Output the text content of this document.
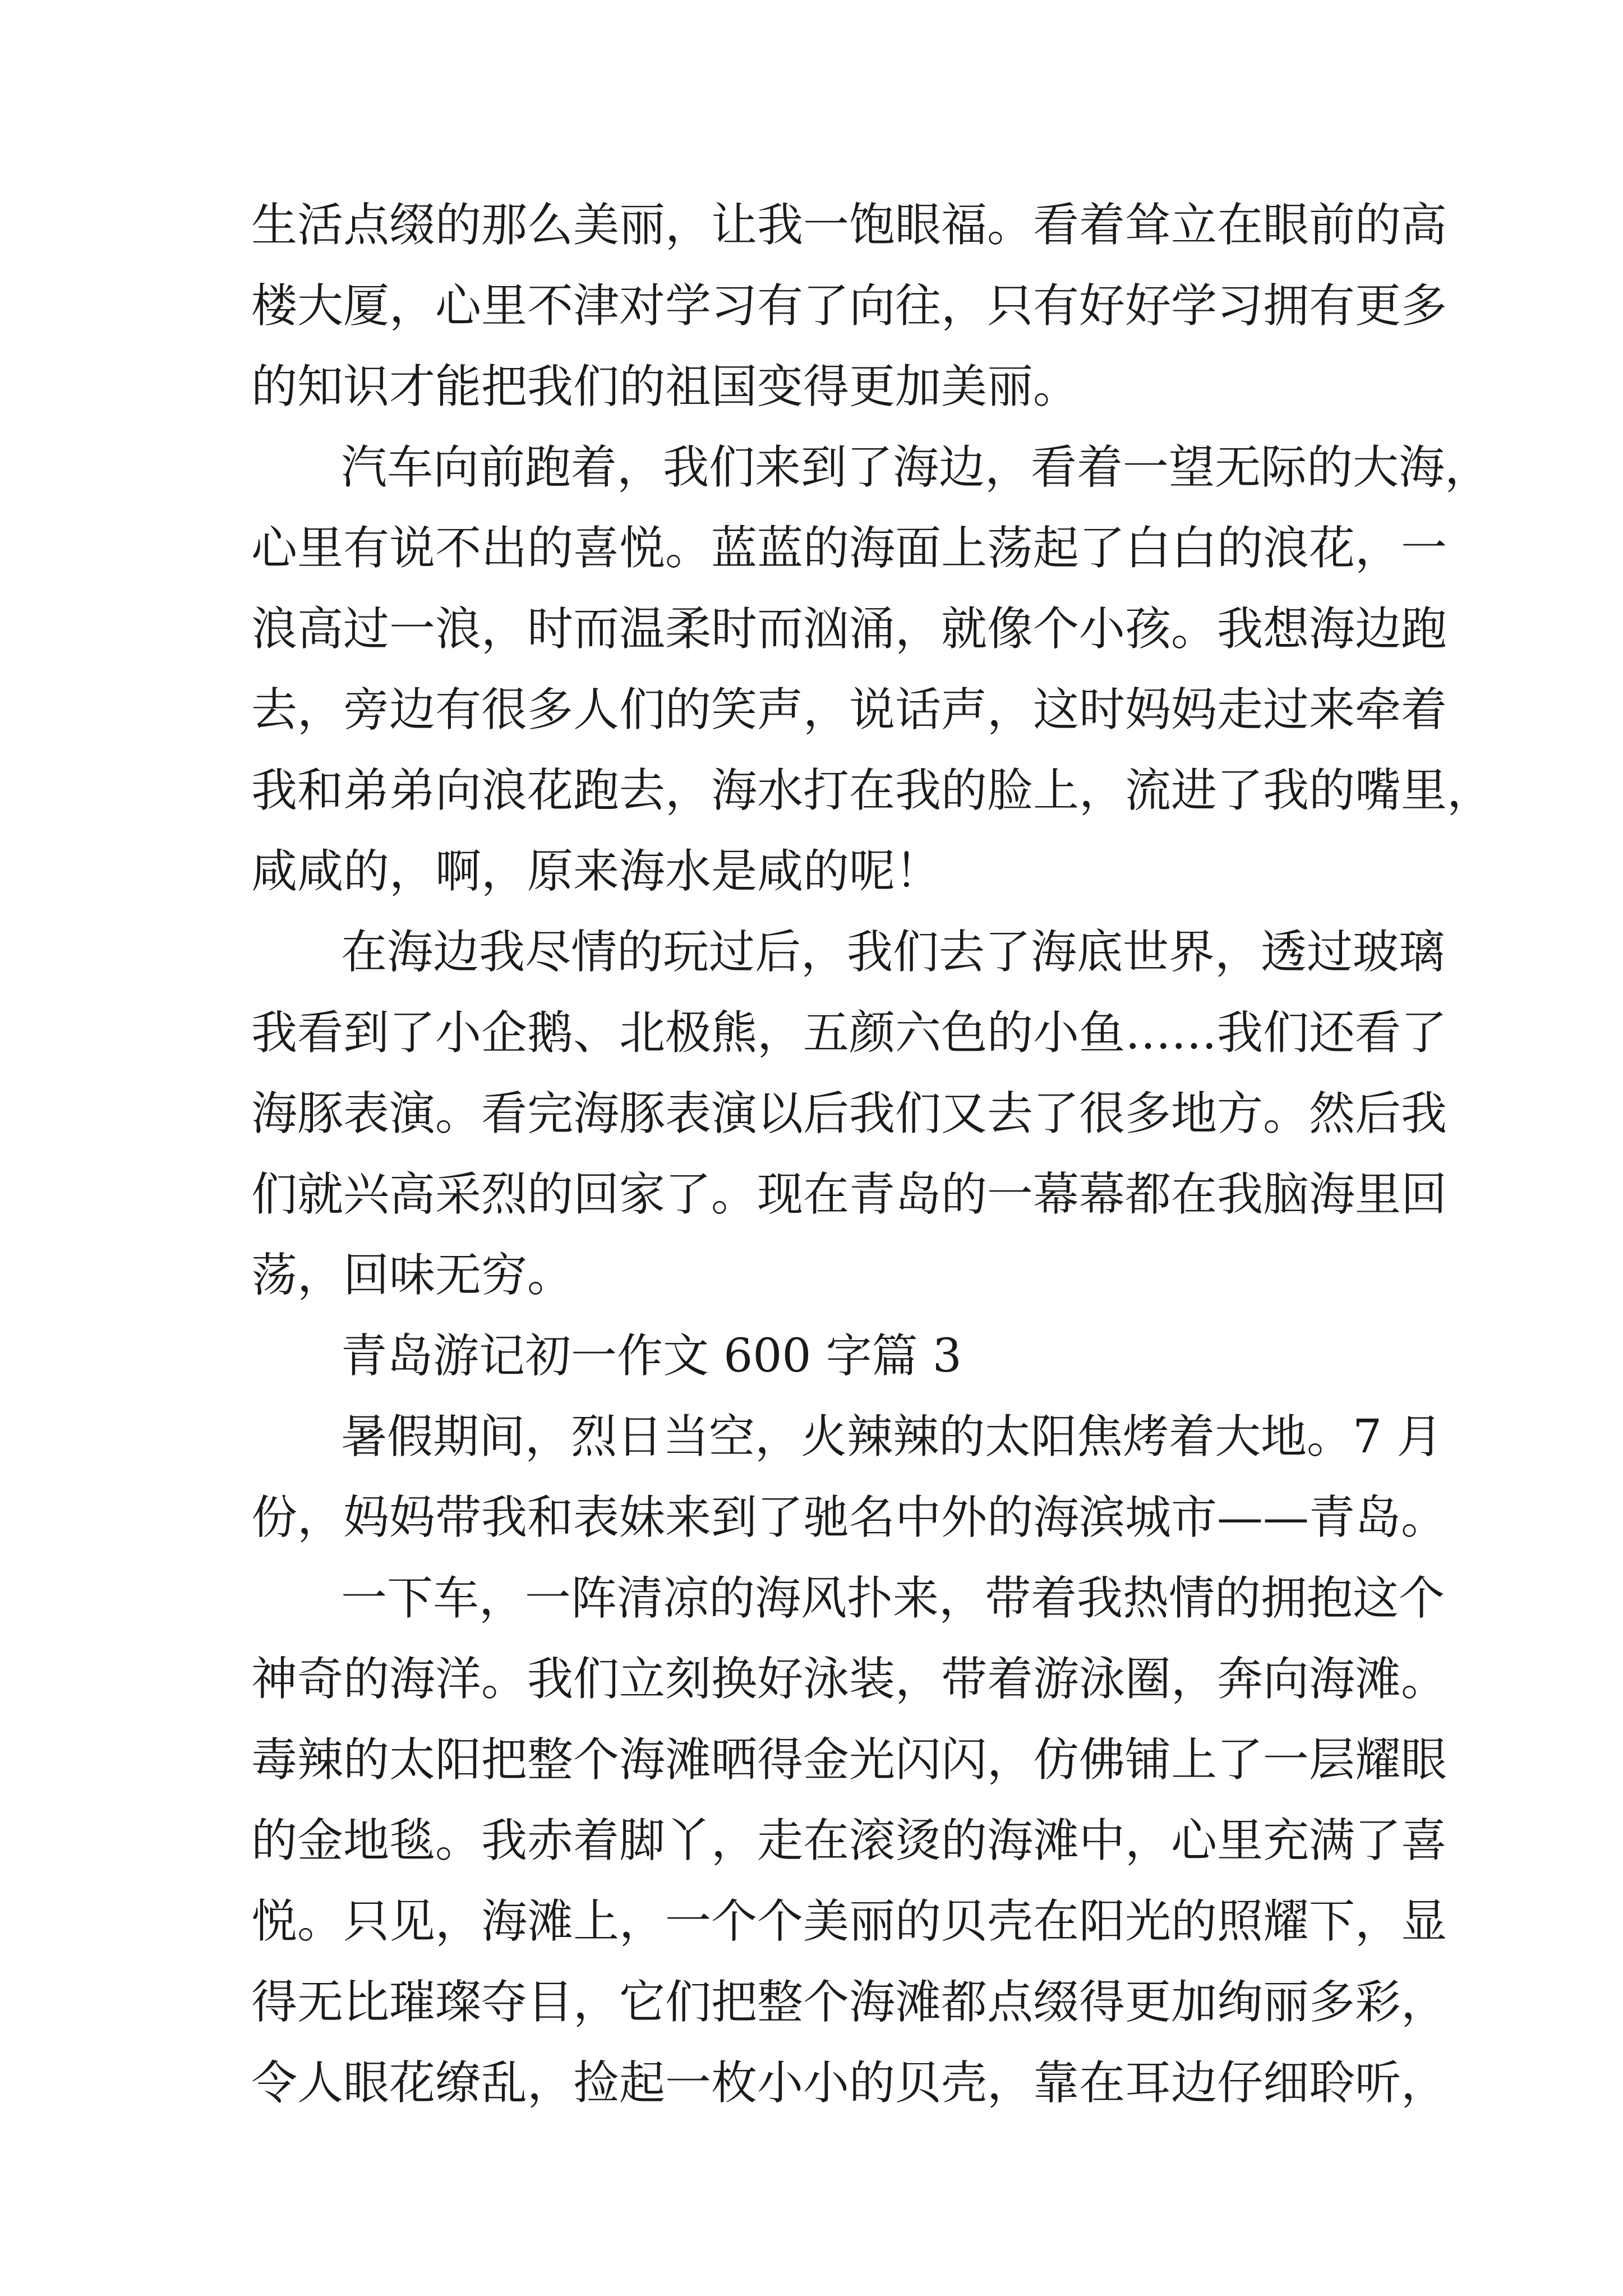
生活点缀的那么美丽，让我一饱眼福。看着耸立在眼前的高

楼大厦，心里不津对学习有了向往，只有好好学习拥有更多

的知识才能把我们的祖国变得更加美丽。

汽车向前跑着，我们来到了海边，看着一望无际的大海，

心里有说不出的喜悦。蓝蓝的海面上荡起了白白的浪花，一

浪高过一浪，时而温柔时而汹涌，就像个小孩。我想海边跑

去，旁边有很多人们的笑声，说话声，这时妈妈走过来牵着

我和弟弟向浪花跑去，海水打在我的脸上，流进了我的嘴里，

咸咸的，啊，原来海水是咸的呢！

在海边我尽情的玩过后，我们去了海底世界，透过玻璃

我看到了小企鹅、北极熊，五颜六色的小鱼……我们还看了

海豚表演。看完海豚表演以后我们又去了很多地方。然后我

们就兴高采烈的回家了。现在青岛的一幕幕都在我脑海里回

荡，回味无穷。

青岛游记初一作文 600 字篇 3

暑假期间，烈日当空，火辣辣的太阳焦烤着大地。7 月

份，妈妈带我和表妹来到了驰名中外的海滨城市——青岛。

一下车，一阵清凉的海风扑来，带着我热情的拥抱这个

神奇的海洋。我们立刻换好泳装，带着游泳圈，奔向海滩。

毒辣的太阳把整个海滩晒得金光闪闪，仿佛铺上了一层耀眼

的金地毯。我赤着脚丫，走在滚烫的海滩中，心里充满了喜

悦。只见，海滩上，一个个美丽的贝壳在阳光的照耀下，显

得无比璀璨夺目，它们把整个海滩都点缀得更加绚丽多彩，

令人眼花缭乱，捡起一枚小小的贝壳，靠在耳边仔细聆听，
